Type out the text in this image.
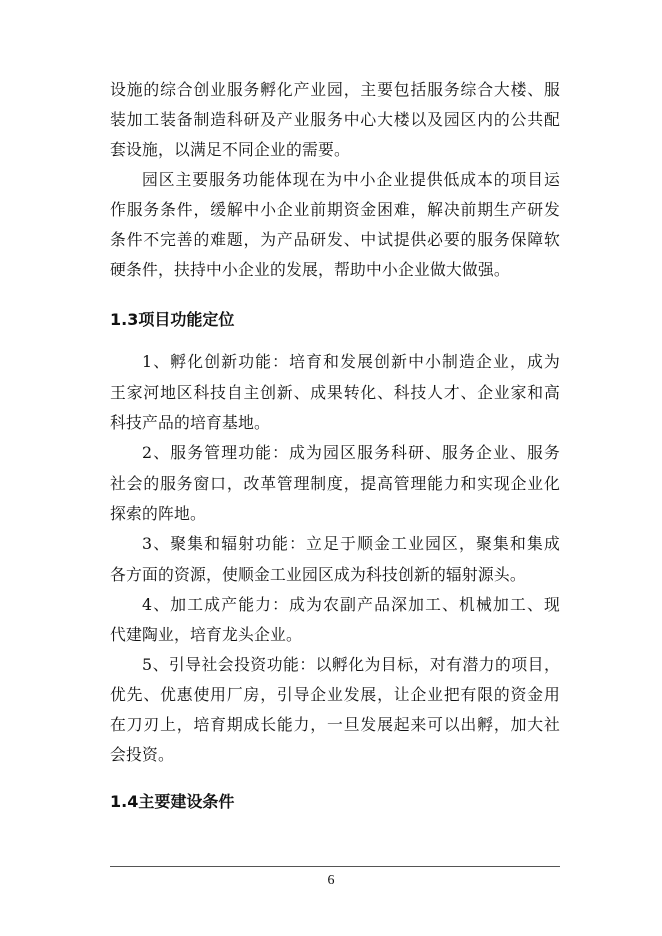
设施的综合创业服务孵化产业园，主要包括服务综合大楼、服
装加工装备制造科研及产业服务中心大楼以及园区内的公共配
套设施，以满足不同企业的需要。
园区主要服务功能体现在为中小企业提供低成本的项目运
作服务条件，缓解中小企业前期资金困难，解决前期生产研发
条件不完善的难题，为产品研发、中试提供必要的服务保障软
硬条件，扶持中小企业的发展，帮助中小企业做大做强。
1.3项目功能定位
1、孵化创新功能：培育和发展创新中小制造企业，成为
王家河地区科技自主创新、成果转化、科技人才、企业家和高
科技产品的培育基地。
2、服务管理功能：成为园区服务科研、服务企业、服务
社会的服务窗口，改革管理制度，提高管理能力和实现企业化
探索的阵地。
3、聚集和辐射功能：立足于顺金工业园区，聚集和集成
各方面的资源，使顺金工业园区成为科技创新的辐射源头。
4、加工成产能力：成为农副产品深加工、机械加工、现
代建陶业，培育龙头企业。
5、引导社会投资功能：以孵化为目标，对有潜力的项目，
优先、优惠使用厂房，引导企业发展，让企业把有限的资金用
在刀刃上，培育期成长能力，一旦发展起来可以出孵，加大社
会投资。
1.4主要建设条件
6
